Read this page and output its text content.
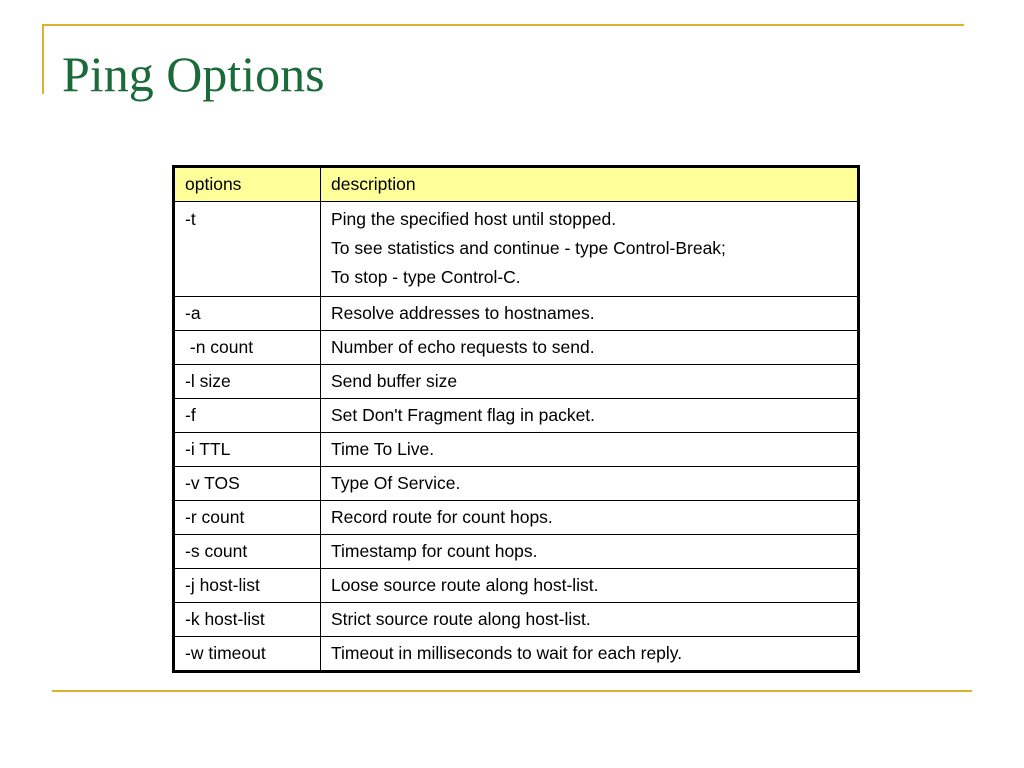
Ping Options
options	description
-t	Ping the specified host until stopped.
To see statistics and continue - type Control-Break;
To stop - type Control-C.

-a	Resolve addresses to hostnames.

-n count	Number of echo requests to send.

-l size	Send buffer size

-f	Set Don't Fragment flag in packet.

-i TTL	Time To Live.

-v TOS	Type Of Service.

-r count	Record route for count hops.

-s count	Timestamp for count hops.

-j host-list	Loose source route along host-list.

-k host-list	Strict source route along host-list.

-w timeout	Timeout in milliseconds to wait for each reply.
